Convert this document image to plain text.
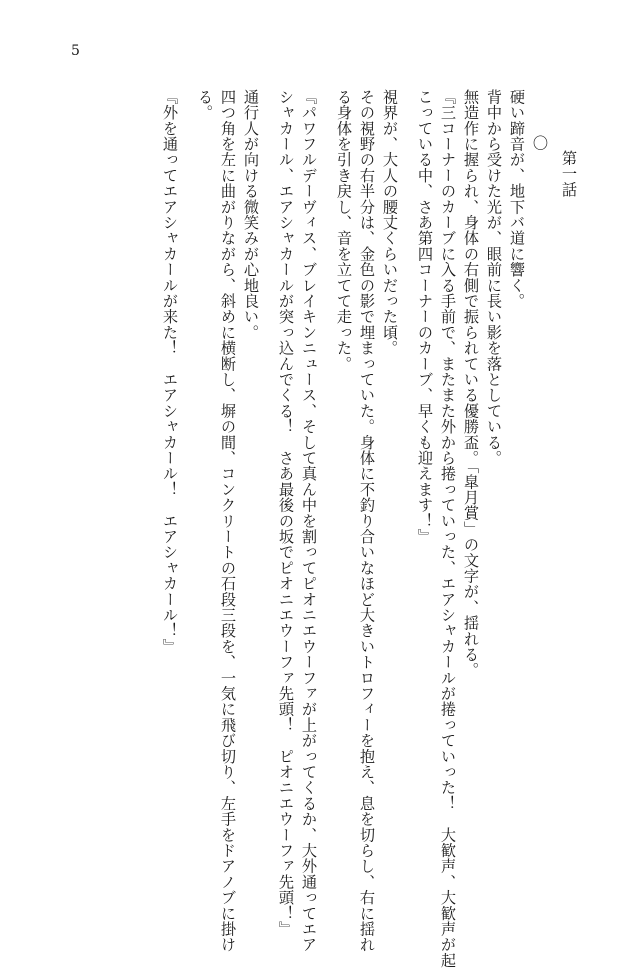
5

第一話

〇

硬い蹄音が、地下バ道に響く。

背中から受けた光が、眼前に長い影を落としている。

無造作に握られ、身体の右側で振られている優勝盃。「皐月賞」の文字が、揺れる。

『三コーナーのカーブに入る手前で、またまた外から捲っていった、エアシャカールが捲っていった！　大歓声、大歓声が起

こっている中、さあ第四コーナーのカーブ、早くも迎えます！』

視界が、大人の腰丈くらいだった頃。

その視野の右半分は、金色の影で埋まっていた。身体に不釣り合いなほど大きいトロフィーを抱え、息を切らし、右に揺れ

る身体を引き戻し、音を立てて走った。

『パワフルデーヴィス、ブレイキンニュース、そして真ん中を割ってピオニエウーファが上がってくるか、大外通ってエア

シャカール、エアシャカールが突っ込んでくる！　さあ最後の坂でピオニエウーファ先頭！　ピオニエウーファ先頭！』

通行人が向ける微笑みが心地良い。

四つ角を左に曲がりながら、斜めに横断し、塀の間、コンクリートの石段三段を、一気に飛び切り、左手をドアノブに掛け

る。

『外を通ってエアシャカールが来た！　エアシャカール！　エアシャカール！』
